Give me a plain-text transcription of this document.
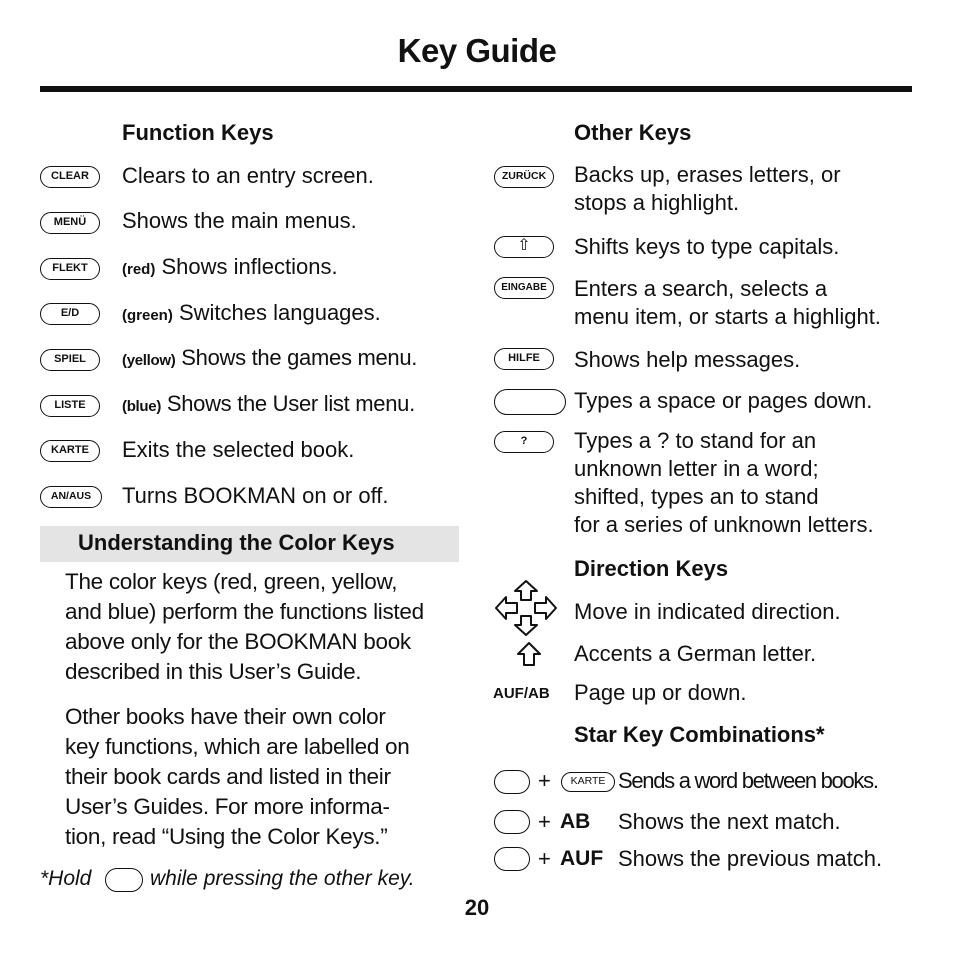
Key Guide
Function Keys
CLEAR	Clears to an entry screen.
MENÜ	Shows the main menus.
FLEKT	(red) Shows inflections.
E/D	(green) Switches languages.
SPIEL	(yellow) Shows the games menu.
LISTE	(blue) Shows the User list menu.
KARTE	Exits the selected book.
AN/AUS	Turns BOOKMAN on or off.
Understanding the Color Keys
The color keys (red, green, yellow,
and blue) perform the functions listed
above only for the BOOKMAN book
described in this User’s Guide.
Other books have their own color
key functions, which are labelled on
their book cards and listed in their
User’s Guides. For more informa-
tion, read “Using the Color Keys.”
*Hold	while pressing the other key.
Other Keys
ZURÜCK	Backs up, erases letters, or
stops a highlight.
⇧	Shifts keys to type capitals.
EINGABE	Enters a search, selects a
menu item, or starts a highlight.
HILFE	Shows help messages.
Types a space or pages down.
?	Types a ? to stand for an
unknown letter in a word;
shifted, types an to stand
for a series of unknown letters.
Direction Keys
Move in indicated direction.
Accents a German letter.
AUF/AB Page up or down.
Star Key Combinations*
+	KARTE Sends a word between books.
+ AB Shows the next match.
+ AUF Shows the previous match.
20
